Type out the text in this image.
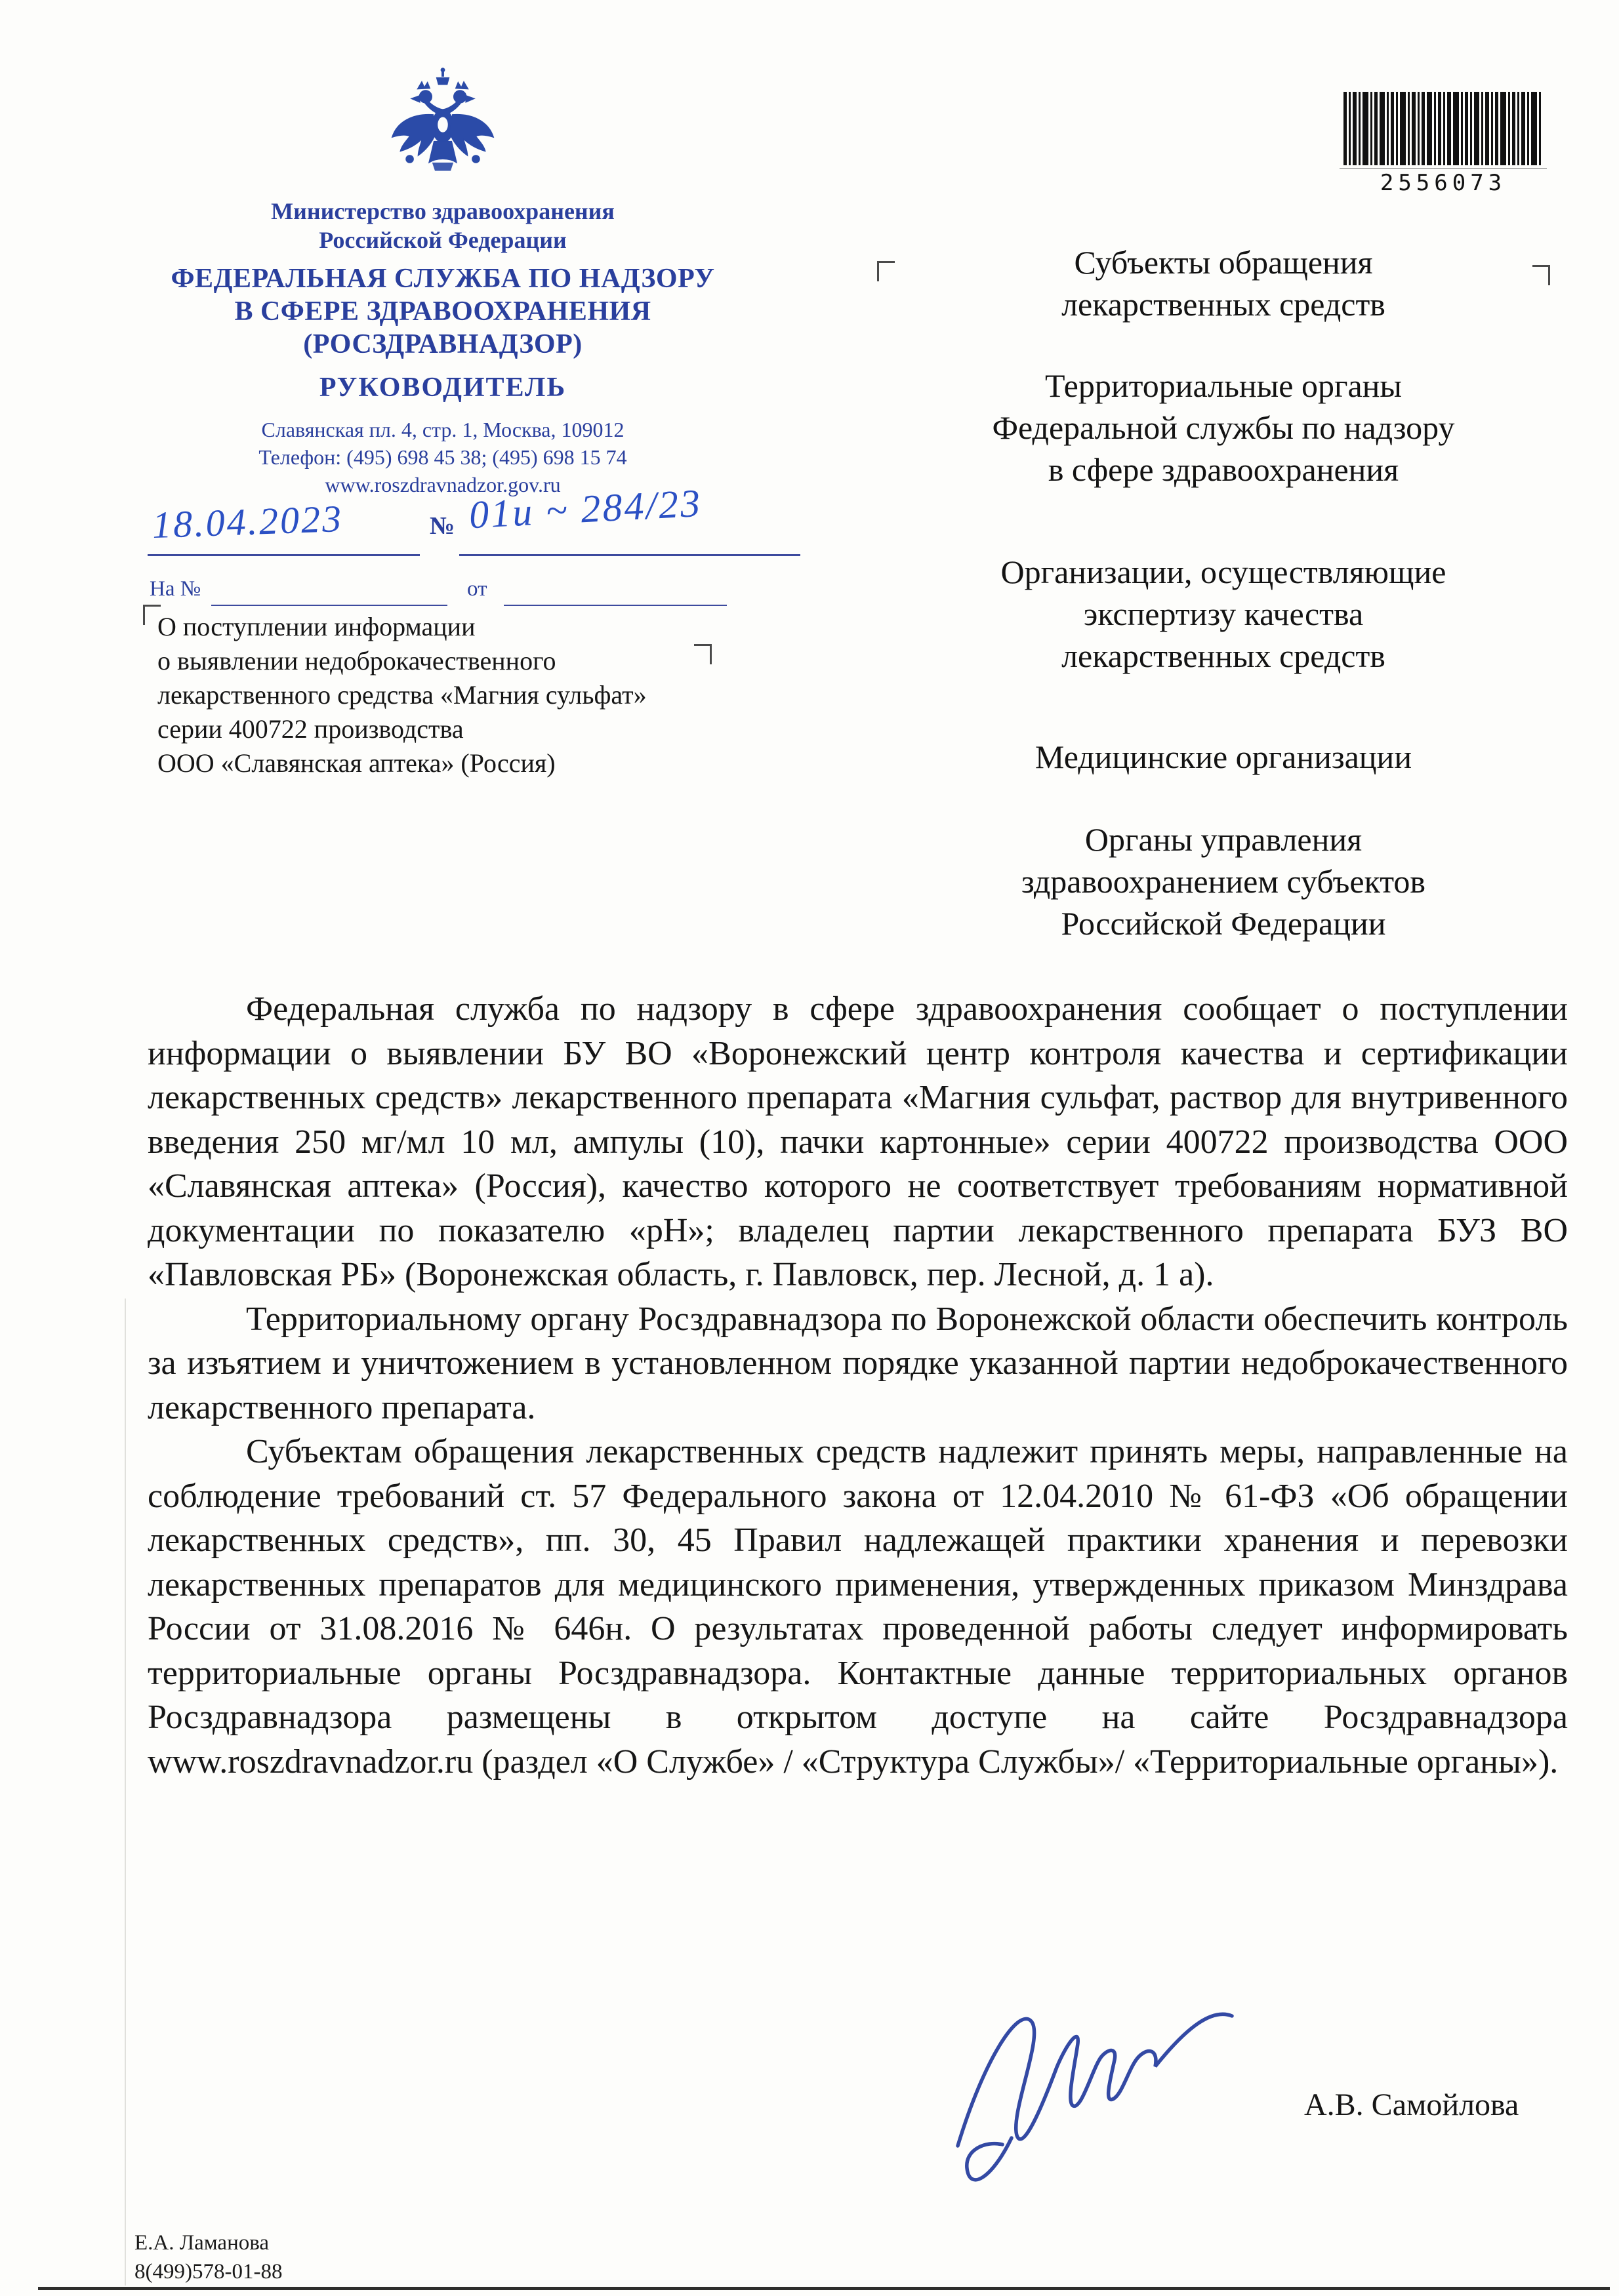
2556073
Министерство здравоохранения
Российской Федерации
ФЕДЕРАЛЬНАЯ СЛУЖБА ПО НАДЗОРУ
В СФЕРЕ ЗДРАВООХРАНЕНИЯ
(РОСЗДРАВНАДЗОР)
РУКОВОДИТЕЛЬ
Славянская пл. 4, стр. 1, Москва, 109012
Телефон: (495) 698 45 38; (495) 698 15 74
www.roszdravnadzor.gov.ru
18.04.2023	№ 01и ~ 284/23
На №	от
О поступлении информации
о выявлении недоброкачественного
лекарственного средства «Магния сульфат»
серии 400722 производства
ООО «Славянская аптека» (Россия)
Субъекты обращения
лекарственных средств
Территориальные органы
Федеральной службы по надзору
в сфере здравоохранения
Организации, осуществляющие
экспертизу качества
лекарственных средств
Медицинские организации
Органы управления
здравоохранением субъектов
Российской Федерации

Федеральная служба по надзору в сфере здравоохранения сообщает о поступлении информации о выявлении БУ ВО «Воронежский центр контроля качества и сертификации лекарственных средств» лекарственного препарата «Магния сульфат, раствор для внутривенного введения 250 мг/мл 10 мл, ампулы (10), пачки картонные» серии 400722 производства ООО «Славянская аптека» (Россия), качество которого не соответствует требованиям нормативной документации по показателю «рН»; владелец партии лекарственного препарата БУЗ ВО «Павловская РБ» (Воронежская область, г. Павловск, пер. Лесной, д. 1 а).

Территориальному органу Росздравнадзора по Воронежской области обеспечить контроль за изъятием и уничтожением в установленном порядке указанной партии недоброкачественного лекарственного препарата.

Субъектам обращения лекарственных средств надлежит принять меры, направленные на соблюдение требований ст. 57 Федерального закона от 12.04.2010 № 61-ФЗ «Об обращении лекарственных средств», пп. 30, 45 Правил надлежащей практики хранения и перевозки лекарственных препаратов для медицинского применения, утвержденных приказом Минздрава России от 31.08.2016 № 646н. О результатах проведенной работы следует информировать территориальные органы Росздравнадзора. Контактные данные территориальных органов Росздравнадзора размещены в открытом доступе на сайте Росздравнадзора www.roszdravnadzor.ru (раздел «О Службе» / «Структура Службы»/ «Территориальные органы»).

А.В. Самойлова
Е.А. Ламанова
8(499)578-01-88
